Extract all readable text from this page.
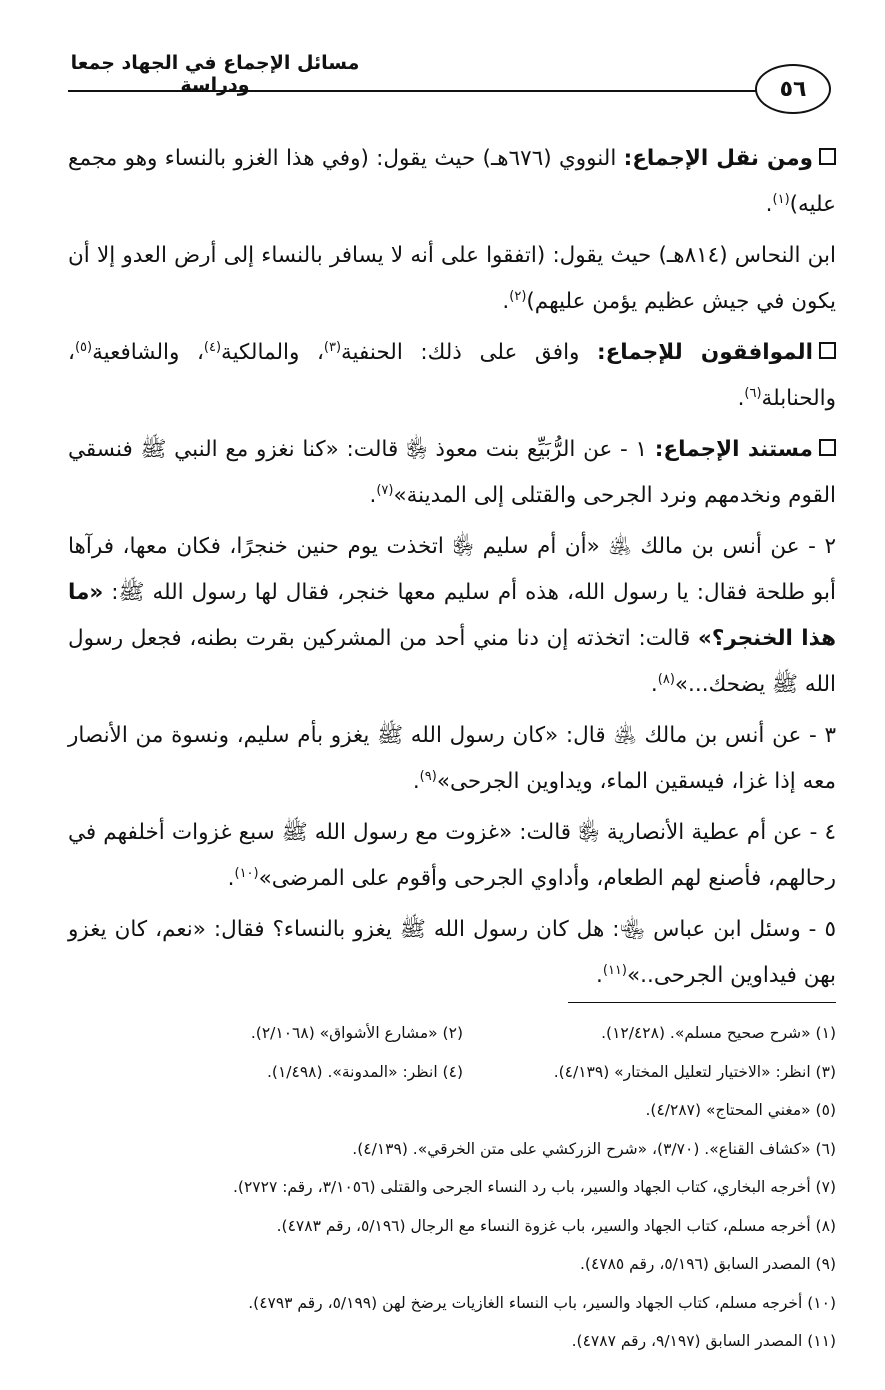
مسائل الإجماع في الجهاد جمعا ودراسة	٥٦

ومن نقل الإجماع: النووي (٦٧٦هـ) حيث يقول: (وفي هذا الغزو بالنساء وهو مجمع عليه)$^{(١)}$.

ابن النحاس (٨١٤هـ) حيث يقول: (اتفقوا على أنه لا يسافر بالنساء إلى أرض العدو إلا أن يكون في جيش عظيم يؤمن عليهم)$^{(٢)}$.

الموافقون للإجماع: وافق على ذلك: الحنفية$^{(٣)}$، والمالكية$^{(٤)}$، والشافعية$^{(٥)}$، والحنابلة$^{(٦)}$.

مستند الإجماع: ١ - عن الرُّبَيِّع بنت معوذ ﵂ قالت: «كنا نغزو مع النبي ﷺ فنسقي القوم ونخدمهم ونرد الجرحى والقتلى إلى المدينة»$^{(٧)}$.

٢ - عن أنس بن مالك ﵁ «أن أم سليم ﵂ اتخذت يوم حنين خنجرًا، فكان معها، فرآها أبو طلحة فقال: يا رسول الله، هذه أم سليم معها خنجر، فقال لها رسول الله ﷺ: «ما هذا الخنجر؟» قالت: اتخذته إن دنا مني أحد من المشركين بقرت بطنه، فجعل رسول الله ﷺ يضحك...»$^{(٨)}$.

٣ - عن أنس بن مالك ﵁ قال: «كان رسول الله ﷺ يغزو بأم سليم، ونسوة من الأنصار معه إذا غزا، فيسقين الماء، ويداوين الجرحى»$^{(٩)}$.

٤ - عن أم عطية الأنصارية ﵂ قالت: «غزوت مع رسول الله ﷺ سبع غزوات أخلفهم في رحالهم، فأصنع لهم الطعام، وأداوي الجرحى وأقوم على المرضى»$^{(١٠)}$.

٥ - وسئل ابن عباس ﵄: هل كان رسول الله ﷺ يغزو بالنساء؟ فقال: «نعم، كان يغزو بهن فيداوين الجرحى..»$^{(١١)}$.

(١) «شرح صحيح مسلم». (١٢/٤٢٨).
(٢) «مشارع الأشواق» (٢/١٠٦٨).
(٣) انظر: «الاختيار لتعليل المختار» (٤/١٣٩).
(٤) انظر: «المدونة». (١/٤٩٨).
(٥) «مغني المحتاج» (٤/٢٨٧).
(٦) «كشاف القناع». (٣/٧٠)، «شرح الزركشي على متن الخرقي». (٤/١٣٩).
(٧) أخرجه البخاري، كتاب الجهاد والسير، باب رد النساء الجرحى والقتلى (٣/١٠٥٦، رقم: ٢٧٢٧).
(٨) أخرجه مسلم، كتاب الجهاد والسير، باب غزوة النساء مع الرجال (٥/١٩٦، رقم ٤٧٨٣).
(٩) المصدر السابق (٥/١٩٦، رقم ٤٧٨٥).
(١٠) أخرجه مسلم، كتاب الجهاد والسير، باب النساء الغازيات يرضخ لهن (٥/١٩٩، رقم ٤٧٩٣).
(١١) المصدر السابق (٩/١٩٧، رقم ٤٧٨٧).
